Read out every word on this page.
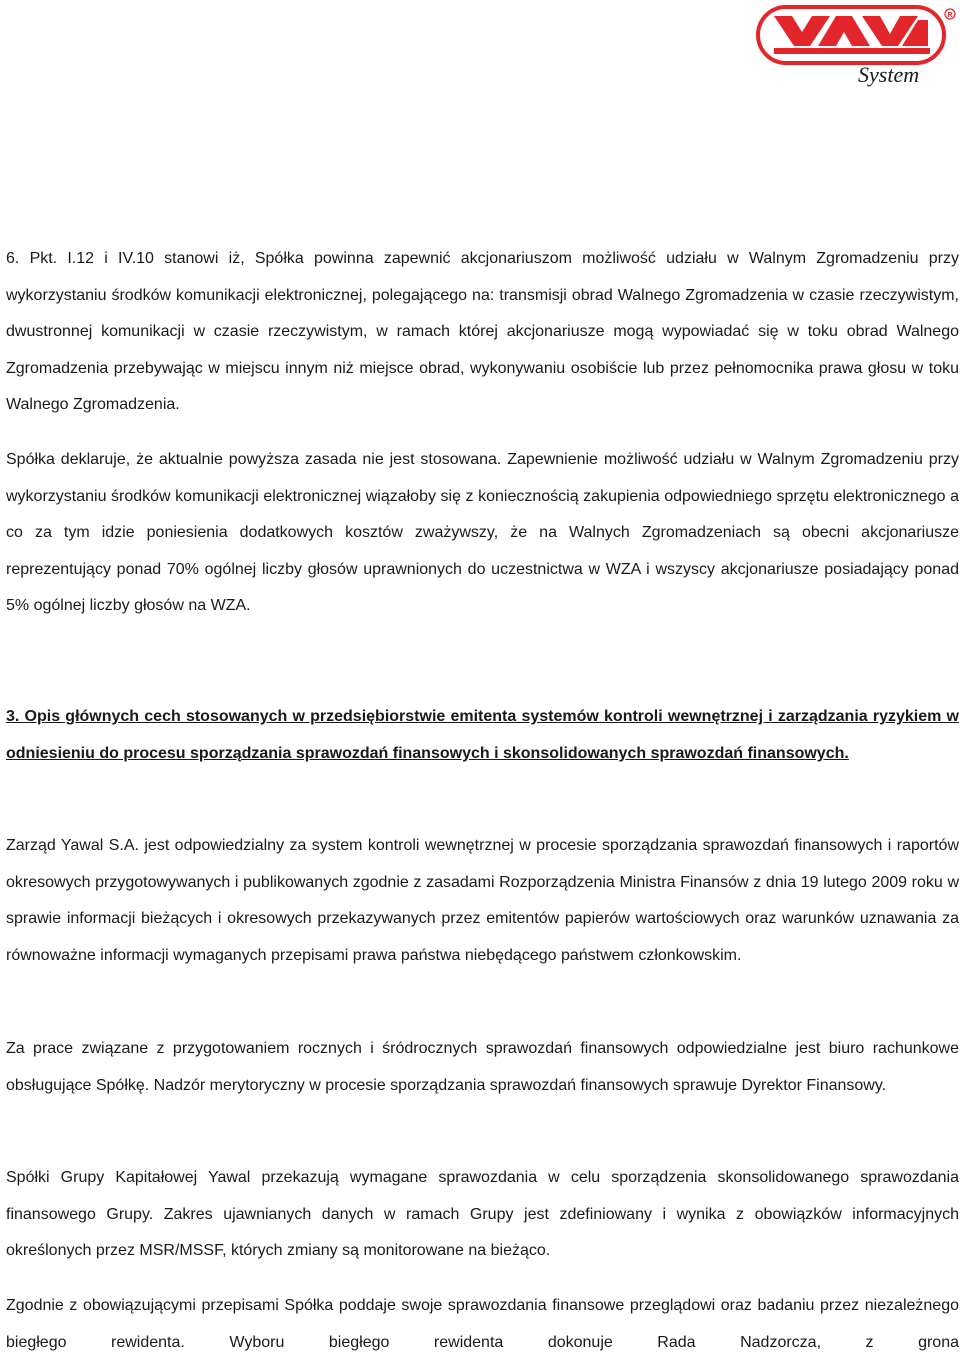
R
System

6. Pkt. I.12 i IV.10 stanowi iż, Spółka powinna zapewnić akcjonariuszom możliwość udziału w Walnym Zgromadzeniu przy wykorzystaniu środków komunikacji elektronicznej, polegającego na: transmisji obrad Walnego Zgromadzenia w czasie rzeczywistym, dwustronnej komunikacji w czasie rzeczywistym, w ramach której akcjonariusze mogą wypowiadać się w toku obrad Walnego Zgromadzenia przebywając w miejscu innym niż miejsce obrad, wykonywaniu osobiście lub przez pełnomocnika prawa głosu w toku Walnego Zgromadzenia.

Spółka deklaruje, że aktualnie powyższa zasada nie jest stosowana. Zapewnienie możliwość udziału w Walnym Zgromadzeniu przy wykorzystaniu środków komunikacji elektronicznej wiązałoby się z koniecznością zakupienia odpowiedniego sprzętu elektronicznego a co za tym idzie poniesienia dodatkowych kosztów zważywszy, że na Walnych Zgromadzeniach są obecni akcjonariusze reprezentujący ponad 70% ogólnej liczby głosów uprawnionych do uczestnictwa w WZA i wszyscy akcjonariusze posiadający ponad 5% ogólnej liczby głosów na WZA.

3. Opis głównych cech stosowanych w przedsiębiorstwie emitenta systemów kontroli wewnętrznej i zarządzania ryzykiem w odniesieniu do procesu sporządzania sprawozdań finansowych i skonsolidowanych sprawozdań finansowych.

Zarząd Yawal S.A. jest odpowiedzialny za system kontroli wewnętrznej w procesie sporządzania sprawozdań finansowych i raportów okresowych przygotowywanych i publikowanych zgodnie z zasadami Rozporządzenia Ministra Finansów z dnia 19 lutego 2009 roku w sprawie informacji bieżących i okresowych przekazywanych przez emitentów papierów wartościowych oraz warunków uznawania za równoważne informacji wymaganych przepisami prawa państwa niebędącego państwem członkowskim.

Za prace związane z przygotowaniem rocznych i śródrocznych sprawozdań finansowych odpowiedzialne jest biuro rachunkowe obsługujące Spółkę. Nadzór merytoryczny w procesie sporządzania sprawozdań finansowych sprawuje Dyrektor Finansowy.

Spółki Grupy Kapitałowej Yawal przekazują wymagane sprawozdania w celu sporządzenia skonsolidowanego sprawozdania finansowego Grupy. Zakres ujawnianych danych w ramach Grupy jest zdefiniowany i wynika z obowiązków informacyjnych określonych przez MSR/MSSF, których zmiany są monitorowane na bieżąco.

Zgodnie z obowiązującymi przepisami Spółka poddaje swoje sprawozdania finansowe przeglądowi oraz badaniu przez niezależnego biegłego rewidenta. Wyboru biegłego rewidenta dokonuje Rada Nadzorcza, z grona
